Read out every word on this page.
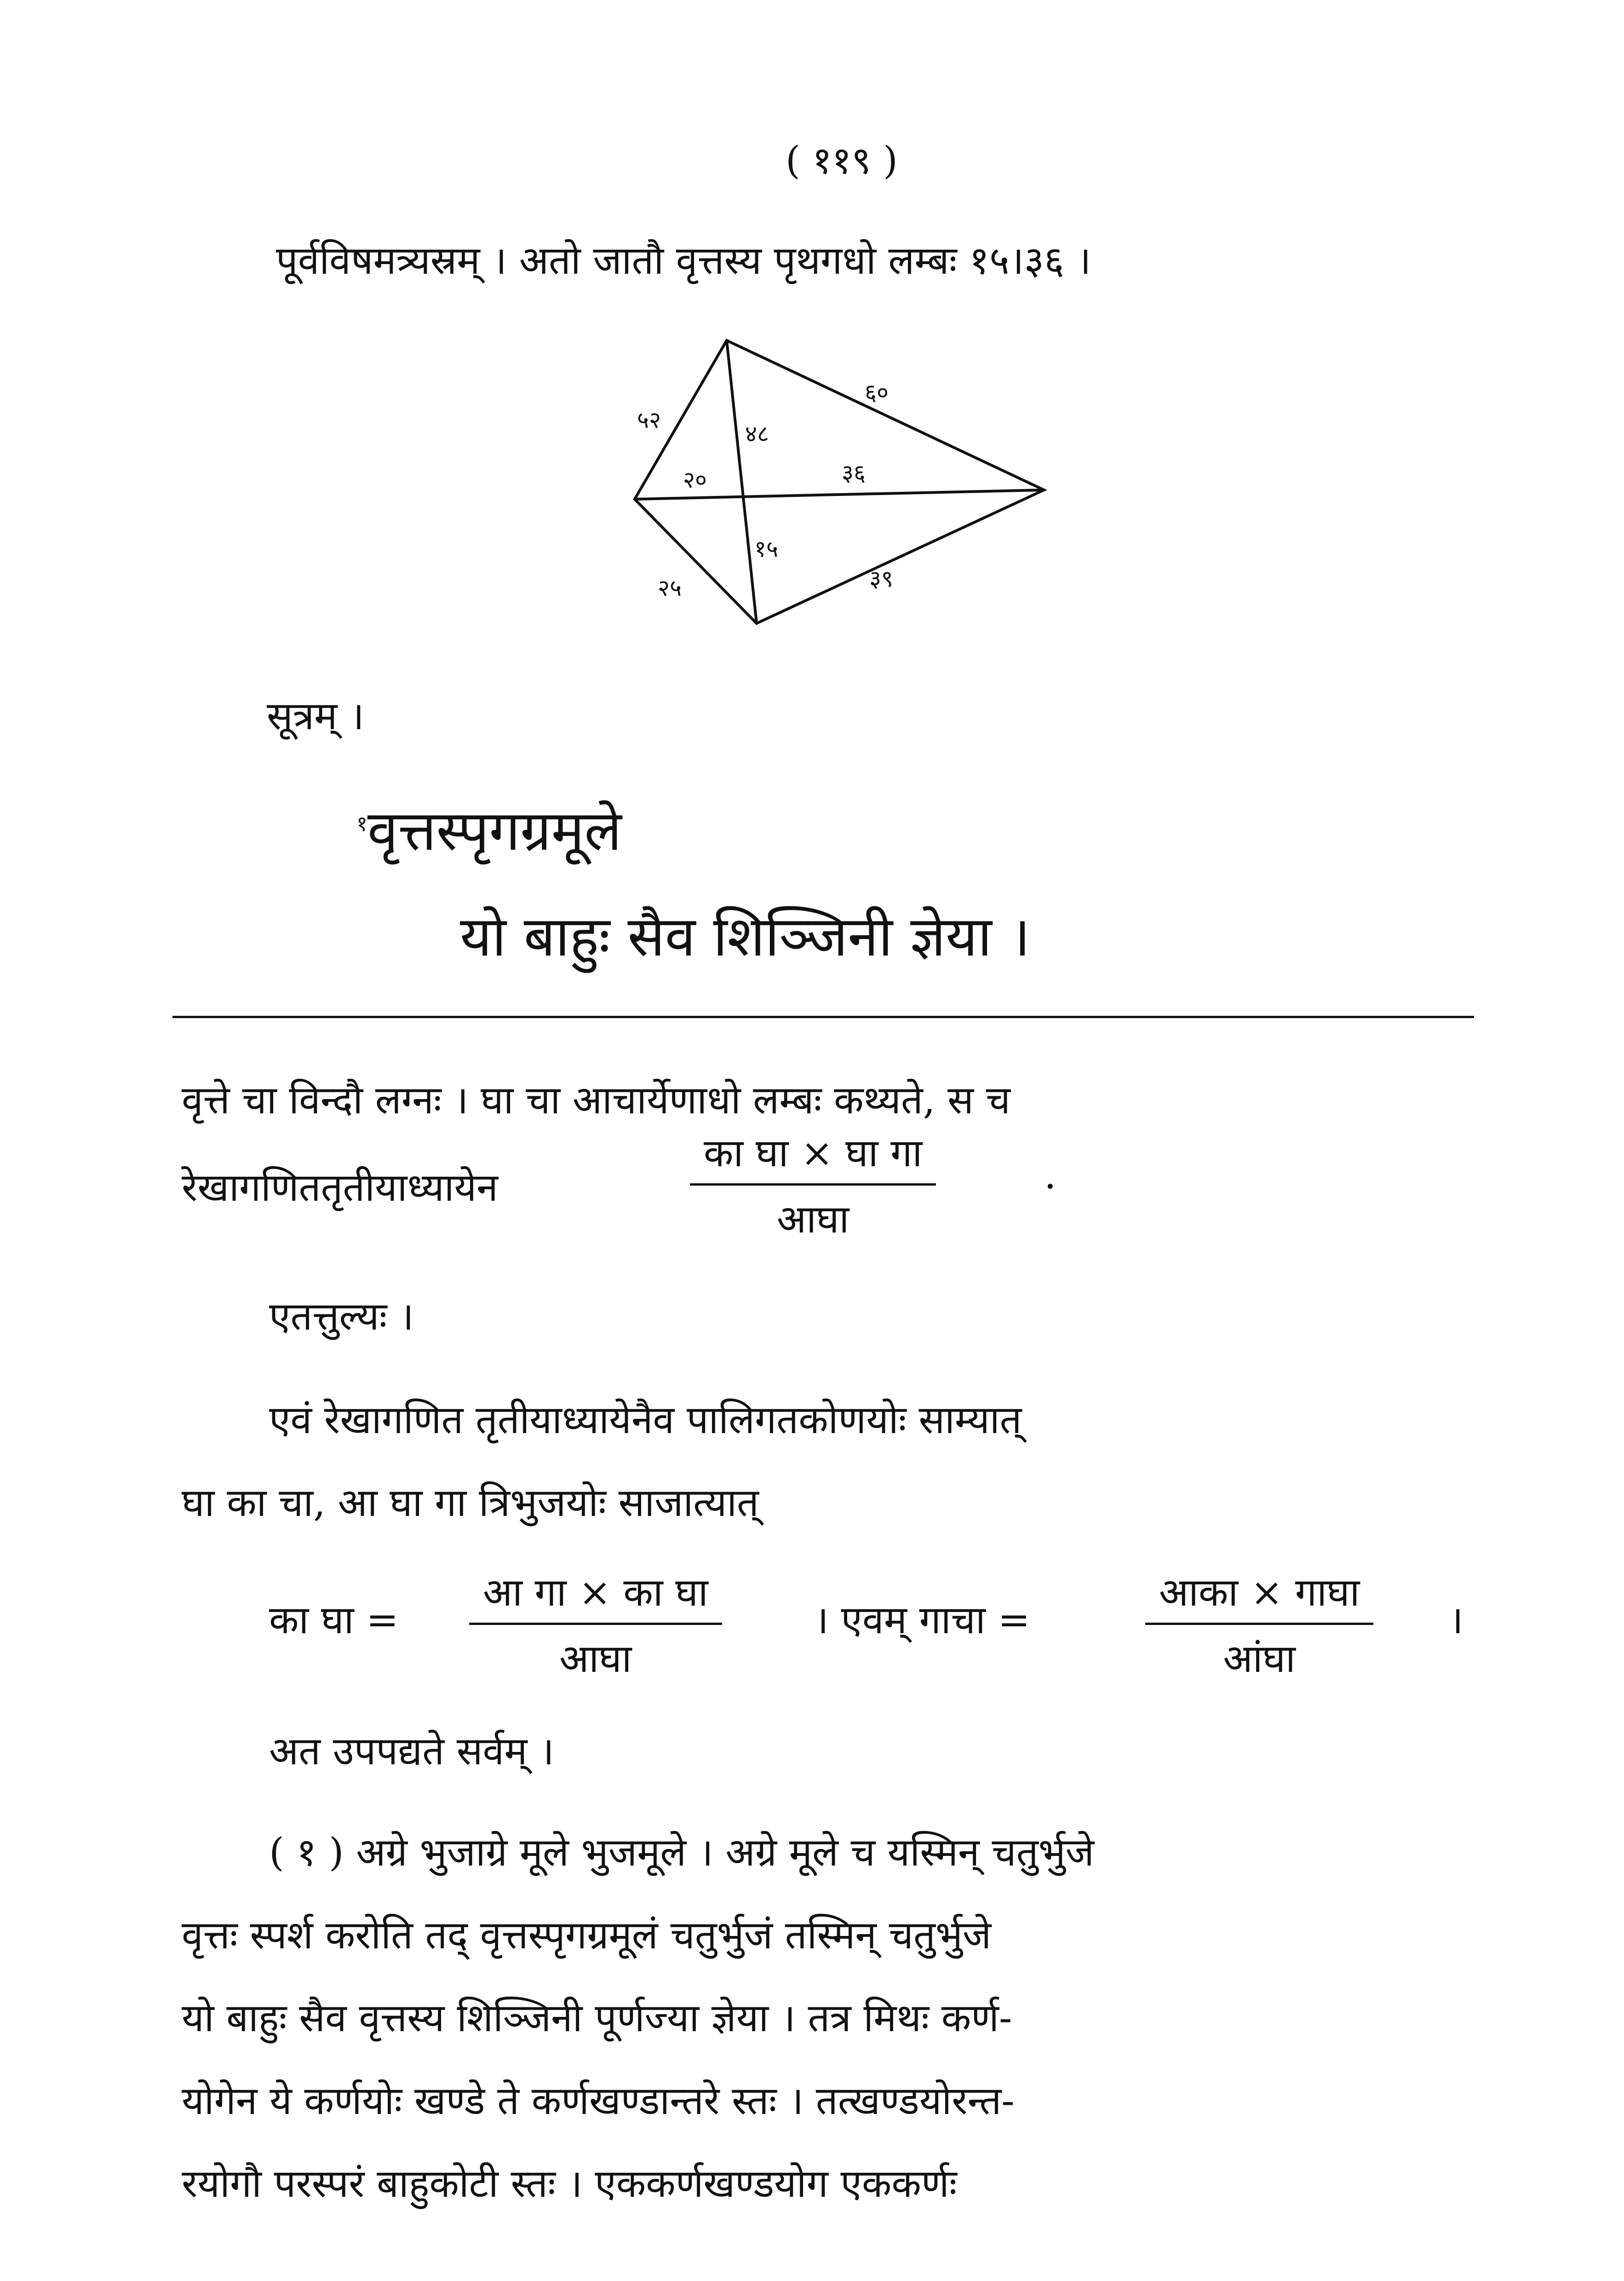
( ११९ )
पूर्वविषमत्र्यस्रम् । अतो जातौ वृत्तस्य पृथगधो लम्बः १५।३६ ।
५२
६०
४८
२०	३६
१५
२५	३९
सूत्रम् ।
$^१$वृत्तस्पृगग्रमूले
यो बाहुः सैव शिञ्जिनी ज्ञेया ।
वृत्ते चा विन्दौ लग्नः । घा चा आचार्येणाधो लम्बः कथ्यते, स च
रेखागणिततृतीयाध्यायेन
का घा × घा गा
आघा
.
एतत्तुल्यः ।
एवं रेखागणित तृतीयाध्यायेनैव पालिगतकोणयोः साम्यात्
घा का चा, आ घा गा त्रिभुजयोः साजात्यात्
का घा =
आ गा × का घा
आघा
। एवम् गाचा =
आका × गाघा
आंघा
।
अत उपपद्यते सर्वम् ।
( १ ) अग्रे भुजाग्रे मूले भुजमूले । अग्रे मूले च यस्मिन् चतुर्भुजे
वृत्तः स्पर्श करोति तद् वृत्तस्पृगग्रमूलं चतुर्भुजं तस्मिन् चतुर्भुजे
यो बाहुः सैव वृत्तस्य शिञ्जिनी पूर्णज्या ज्ञेया । तत्र मिथः कर्ण-
योगेन ये कर्णयोः खण्डे ते कर्णखण्डान्तरे स्तः । तत्खण्डयोरन्त-
रयोगौ परस्परं बाहुकोटी स्तः । एककर्णखण्डयोग एककर्णः
